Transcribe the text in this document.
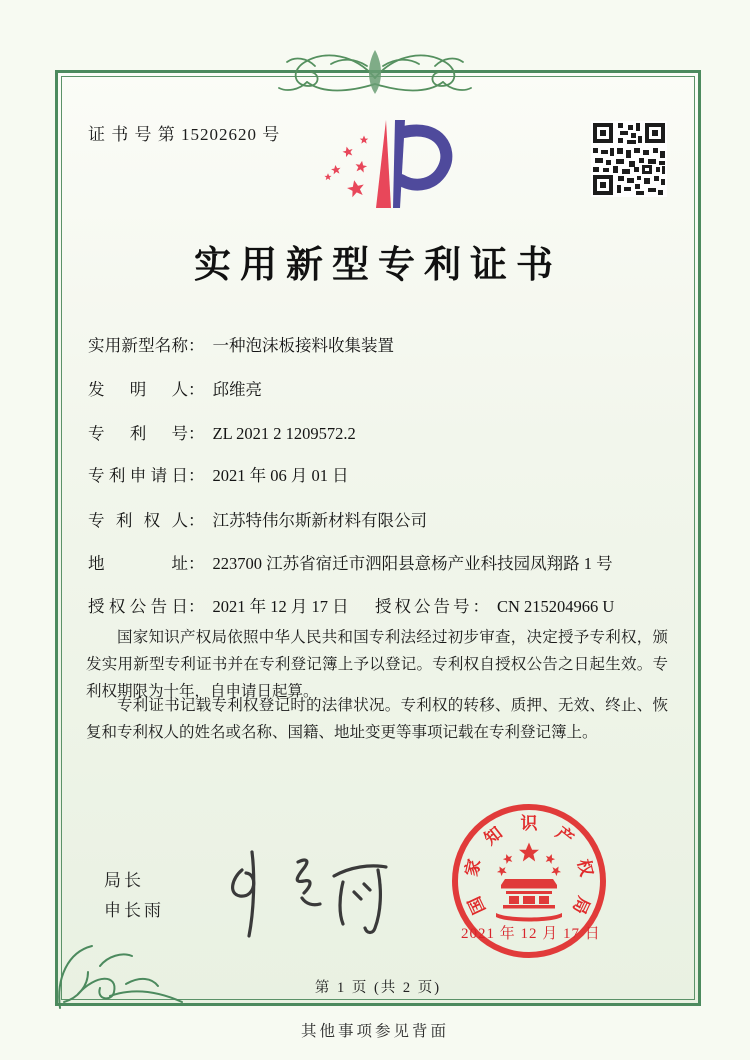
证 书 号 第 15202620 号
实用新型专利证书
实用新型名称： 一种泡沫板接料收集装置
发明人： 邱维亮
专利号： ZL 2021 2 1209572.2
专利申请日： 2021 年 06 月 01 日
专利权人： 江苏特伟尔斯新材料有限公司
地址： 223700 江苏省宿迁市泗阳县意杨产业科技园凤翔路 1 号
授权公告日： 2021 年 12 月 17 日 授权公告号： CN 215204966 U
国家知识产权局依照中华人民共和国专利法经过初步审查，决定授予专利权，颁发实用新型专利证书并在专利登记簿上予以登记。专利权自授权公告之日起生效。专利权期限为十年，自申请日起算。
专利证书记载专利权登记时的法律状况。专利权的转移、质押、无效、终止、恢复和专利权人的姓名或名称、国籍、地址变更等事项记载在专利登记簿上。
局长
申长雨	国
家
知 识 产
权
局
2021 年 12 月 17 日
第 1 页 (共 2 页)
其他事项参见背面
